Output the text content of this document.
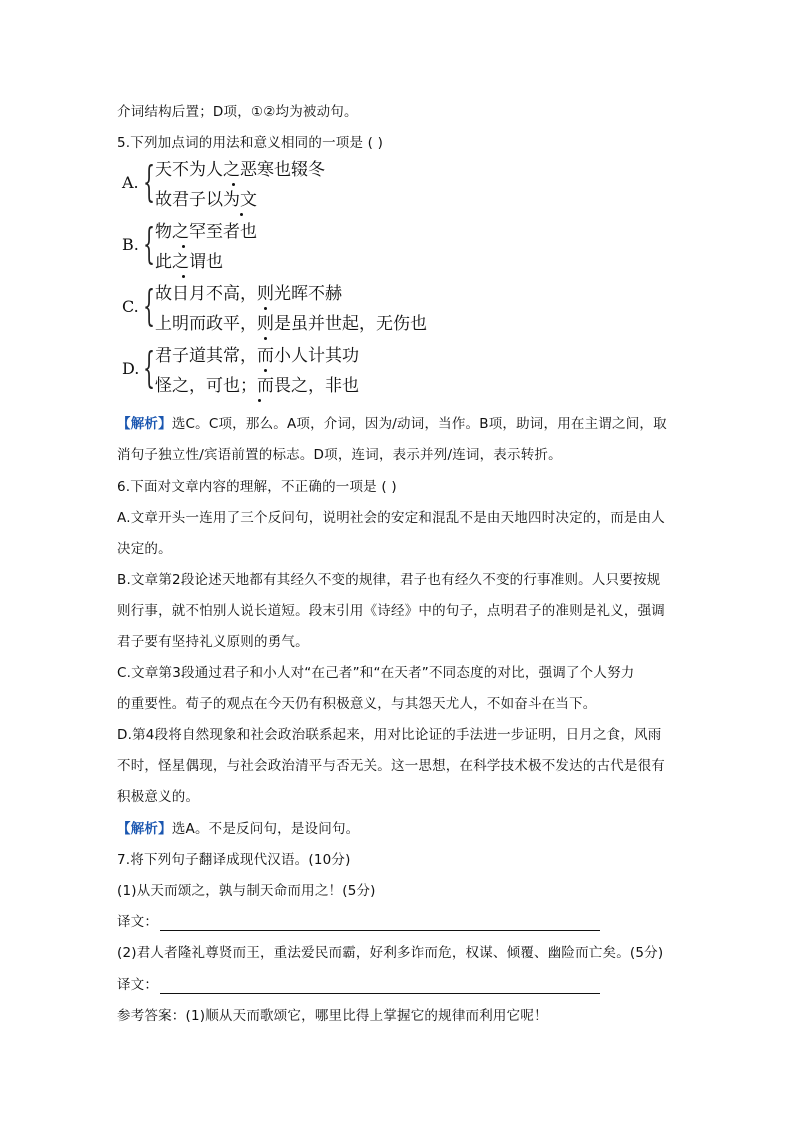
介词结构后置；D项，①②均为被动句。
5.下列加点词的用法和意义相同的一项是 ( )
A. { 天不为人之恶寒也辍冬
故君子以为文
B. { 物之罕至者也
此之谓也
C. { 故日月不高，则光晖不赫
上明而政平，则是虽并世起，无伤也
D. { 君子道其常，而小人计其功
怪之，可也；而畏之，非也
【解析】选C。C项，那么。A项，介词，因为/动词，当作。B项，助词，用在主谓之间，取
消句子独立性/宾语前置的标志。D项，连词，表示并列/连词，表示转折。
6.下面对文章内容的理解，不正确的一项是 ( )
A.文章开头一连用了三个反问句，说明社会的安定和混乱不是由天地四时决定的，而是由人
决定的。
B.文章第2段论述天地都有其经久不变的规律，君子也有经久不变的行事准则。人只要按规
则行事，就不怕别人说长道短。段末引用《诗经》中的句子，点明君子的准则是礼义，强调
君子要有坚持礼义原则的勇气。
C.文章第3段通过君子和小人对“在己者”和“在天者”不同态度的对比，强调了个人努力
的重要性。荀子的观点在今天仍有积极意义，与其怨天尤人，不如奋斗在当下。
D.第4段将自然现象和社会政治联系起来，用对比论证的手法进一步证明，日月之食，风雨
不时，怪星偶现，与社会政治清平与否无关。这一思想，在科学技术极不发达的古代是很有
积极意义的。
【解析】选A。不是反问句，是设问句。
7.将下列句子翻译成现代汉语。(10分)
(1)从天而颂之，孰与制天命而用之！(5分)
译文：
(2)君人者隆礼尊贤而王，重法爱民而霸，好利多诈而危，权谋、倾覆、幽险而亡矣。(5分)
译文：
参考答案：(1)顺从天而歌颂它，哪里比得上掌握它的规律而利用它呢！
